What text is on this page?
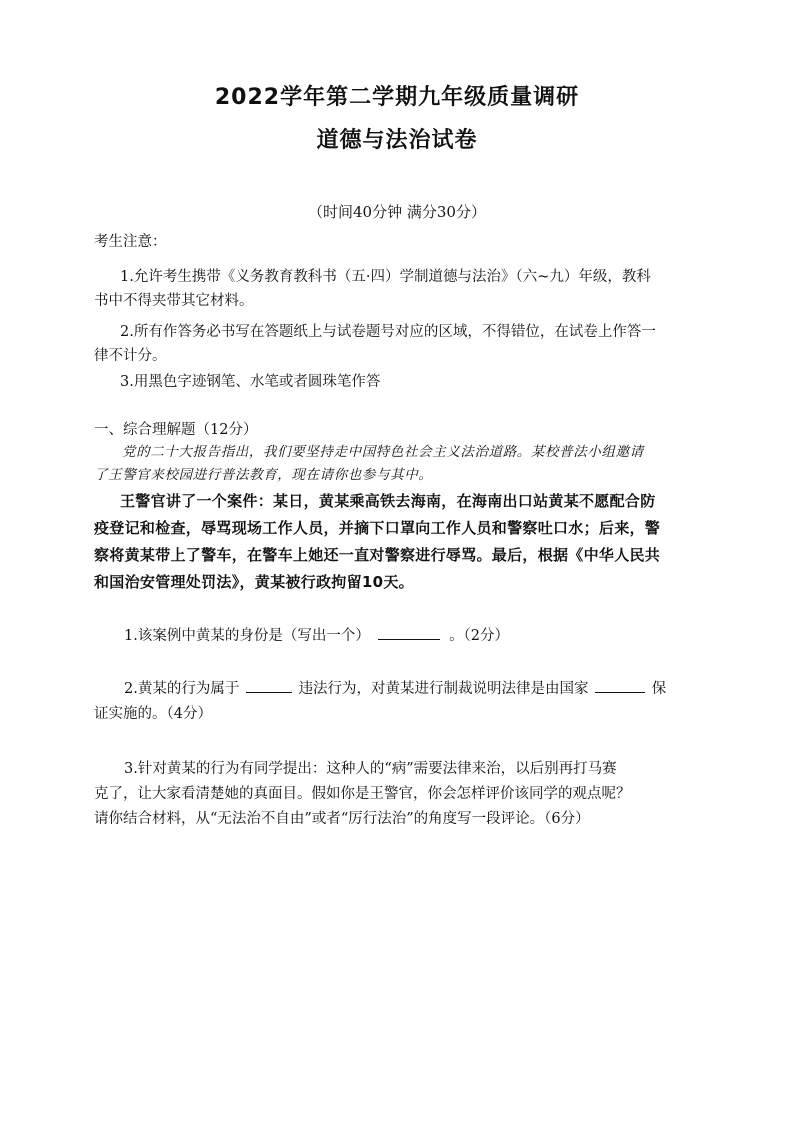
2022学年第二学期九年级质量调研
道德与法治试卷
（时间40分钟 满分30分）
考生注意：
1.允许考生携带《义务教育教科书（五·四）学制道德与法治》（六~九）年级，教科
书中不得夹带其它材料。
2.所有作答务必书写在答题纸上与试卷题号对应的区域，不得错位，在试卷上作答一
律不计分。
3.用黑色字迹钢笔、水笔或者圆珠笔作答
一、综合理解题（12分）
党的二十大报告指出，我们要坚持走中国特色社会主义法治道路。某校普法小组邀请
了王警官来校园进行普法教育，现在请你也参与其中。
王警官讲了一个案件：某日，黄某乘高铁去海南，在海南出口站黄某不愿配合防
疫登记和检查，辱骂现场工作人员，并摘下口罩向工作人员和警察吐口水；后来，警
察将黄某带上了警车，在警车上她还一直对警察进行辱骂。最后，根据《中华人民共
和国治安管理处罚法》，黄某被行政拘留10天。
1.该案例中黄某的身份是（写出一个）	。（2分）
2.黄某的行为属于	违法行为，对黄某进行制裁说明法律是由国家	保
证实施的。（4分）
3.针对黄某的行为有同学提出：这种人的“病”需要法律来治，以后别再打马赛
克了，让大家看清楚她的真面目。假如你是王警官，你会怎样评价该同学的观点呢？
请你结合材料，从“无法治不自由”或者“厉行法治”的角度写一段评论。（6分）
